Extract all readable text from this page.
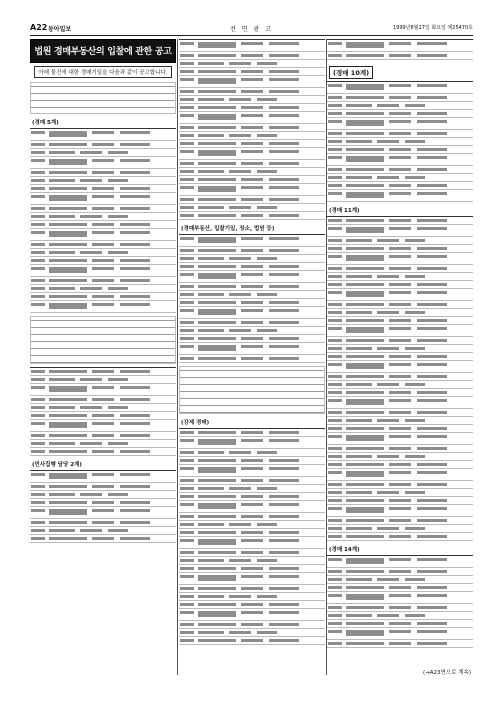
A22 동아일보	전 면 광 고	1999년8월27일 화요일 제25470호
법원 경매부동산의 입찰에 관한 공고
아래 물건에 대한 경매기일을 다음과 같이 공고합니다.
(경매 5계)
(민사집행 담당 2계)
(경매부동산, 입찰기일, 장소, 법원 등)
(강제 경매)
(경매 10계)
(경매 11계)
(경매 14계)
(→A23면으로 계속)
